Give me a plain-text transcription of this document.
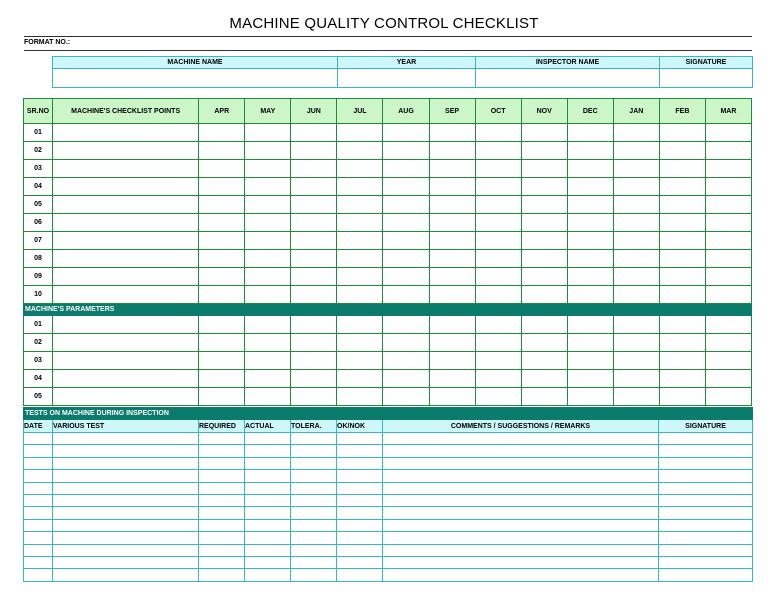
MACHINE QUALITY CONTROL CHECKLIST
FORMAT NO.:
MACHINE NAME	YEAR	INSPECTOR NAME	SIGNATURE

SR.NO	MACHINE'S CHECKLIST POINTS	APR	MAY	JUN	JUL	AUG	SEP	OCT	NOV	DEC	JAN	FEB	MAR
01													
02													
03													
04													
05													
06													
07													
08													
09													
10													
MACHINE'S PARAMETERS													
01													
02													
03													
04													
05													
TESTS ON MACHINE DURING INSPECTION							
DATE	VARIOUS TEST	REQUIRED	ACTUAL	TOLERA.	OK/NOK	COMMENTS / SUGGESTIONS / REMARKS	SIGNATURE
